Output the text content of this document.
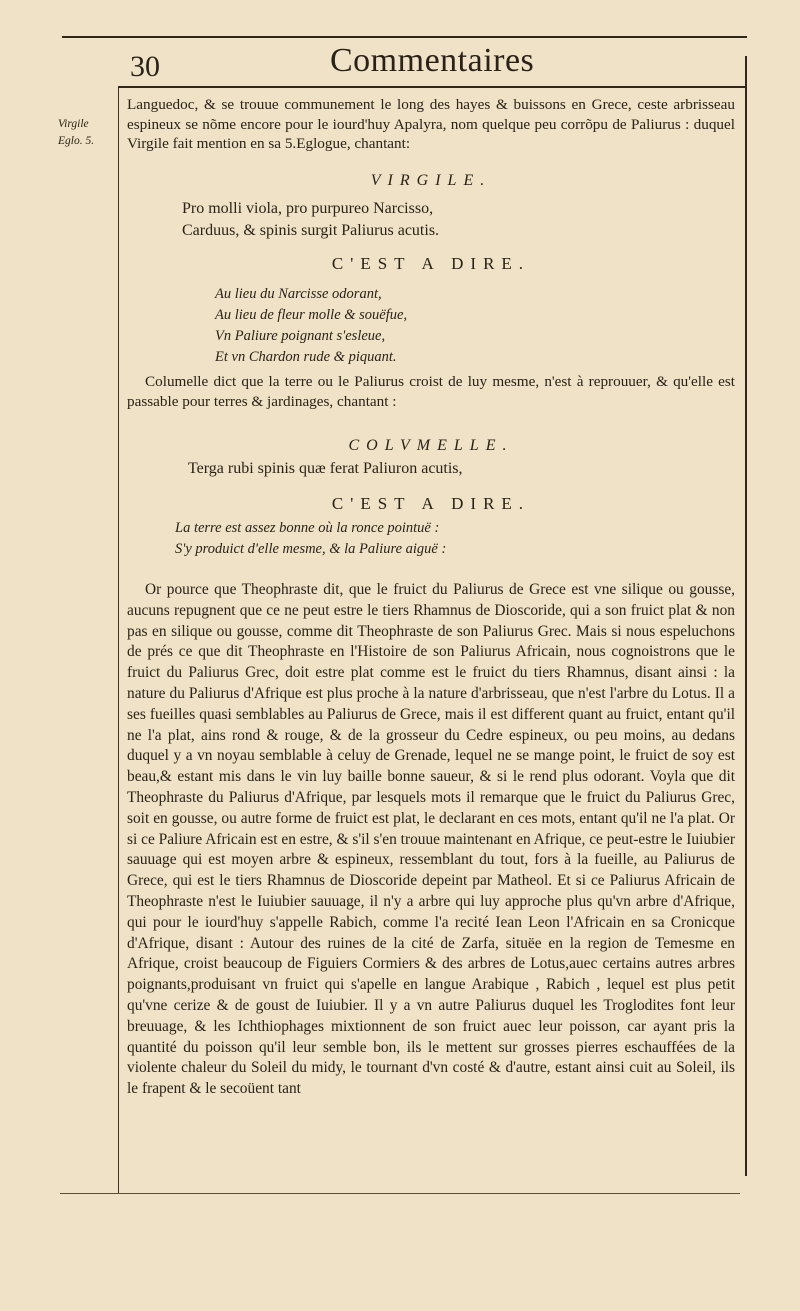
30	Commentaires
Virgile
Eglo. 5.

Languedoc, & se trouue communement le long des hayes & buissons en Grece, ceste arbrisseau espineux se nõme encore pour le iourd'huy Apalyra, nom quelque peu corrõpu de Paliurus : duquel Virgile fait mention en sa 5.Eglogue, chantant:

VIRGILE.
Pro molli viola, pro purpureo Narcisso,
Carduus, & spinis surgit Paliurus acutis.
C'EST A DIRE.
Au lieu du Narcisse odorant,
Au lieu de fleur molle & souëfue,
Vn Paliure poignant s'esleue,
Et vn Chardon rude & piquant.

Columelle dict que la terre ou le Paliurus croist de luy mesme, n'est à reprouuer, & qu'elle est passable pour terres & jardinages, chantant :

COLVMELLE.
Terga rubi spinis quæ ferat Paliuron acutis,
C'EST A DIRE.
La terre est assez bonne où la ronce pointuë :
S'y produict d'elle mesme, & la Paliure aiguë :

Or pource que Theophraste dit, que le fruict du Paliurus de Grece est vne silique ou gousse, aucuns repugnent que ce ne peut estre le tiers Rhamnus de Dioscoride, qui a son fruict plat & non pas en silique ou gousse, comme dit Theophraste de son Paliurus Grec. Mais si nous espeluchons de prés ce que dit Theophraste en l'Histoire de son Paliurus Africain, nous cognoistrons que le fruict du Paliurus Grec, doit estre plat comme est le fruict du tiers Rhamnus, disant ainsi : la nature du Paliurus d'Afrique est plus proche à la nature d'arbrisseau, que n'est l'arbre du Lotus. Il a ses fueilles quasi semblables au Paliurus de Grece, mais il est different quant au fruict, entant qu'il ne l'a plat, ains rond & rouge, & de la grosseur du Cedre espineux, ou peu moins, au dedans duquel y a vn noyau semblable à celuy de Grenade, lequel ne se mange point, le fruict de soy est beau,& estant mis dans le vin luy baille bonne saueur, & si le rend plus odorant. Voyla que dit Theophraste du Paliurus d'Afrique, par lesquels mots il remarque que le fruict du Paliurus Grec, soit en gousse, ou autre forme de fruict est plat, le declarant en ces mots, entant qu'il ne l'a plat. Or si ce Paliure Africain est en estre, & s'il s'en trouue maintenant en Afrique, ce peut-estre le Iuiubier sauuage qui est moyen arbre & espineux, ressemblant du tout, fors à la fueille, au Paliurus de Grece, qui est le tiers Rhamnus de Dioscoride depeint par Matheol. Et si ce Paliurus Africain de Theophraste n'est le Iuiubier sauuage, il n'y a arbre qui luy approche plus qu'vn arbre d'Afrique, qui pour le iourd'huy s'appelle Rabich, comme l'a recité Iean Leon l'Africain en sa Cronicque d'Afrique, disant : Autour des ruines de la cité de Zarfa, situëe en la region de Temesme en Afrique, croist beaucoup de Figuiers Cormiers & des arbres de Lotus,auec certains autres arbres poignants,produisant vn fruict qui s'apelle en langue Arabique , Rabich , lequel est plus petit qu'vne cerize & de goust de Iuiubier. Il y a vn autre Paliurus duquel les Troglodites font leur breuuage, & les Ichthiophages mixtionnent de son fruict auec leur poisson, car ayant pris la quantité du poisson qu'il leur semble bon, ils le mettent sur grosses pierres eschauffées de la violente chaleur du Soleil du midy, le tournant d'vn costé & d'autre, estant ainsi cuit au Soleil, ils le frapent & le secoüent tant
